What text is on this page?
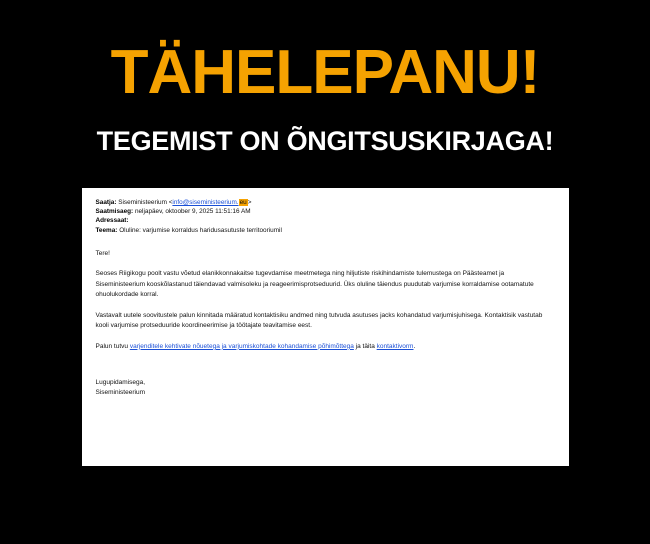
TÄHELEPANU!
TEGEMIST ON ÕNGITSUSKIRJAGA!
Saatja: Siseministeerium <info@siseministeerium.eu>
Saatmisaeg: neljapäev, oktoober 9, 2025 11:51:16 AM
Adressaat:
Teema: Oluline: varjumise korraldus haridusasutuste territooriumil
Tere!
Seoses Riigikogu poolt vastu võetud elanikkonnakaitse tugevdamise meetmetega ning hiljutiste riskihindamiste tulemustega on Päästeamet ja Siseministeerium kooskõlastanud täiendavad valmisoleku ja reageerimisprotseduurid. Üks oluline täiendus puudutab varjumise korraldamise ootamatute ohuolukordade korral.
Vastavalt uutele soovitustele palun kinnitada määratud kontaktisiku andmed ning tutvuda asutuses jacks kohandatud varjumisjuhisega. Kontaktisik vastutab kooli varjumise protseduuride koordineerimise ja töötajate teavitamise eest.
Palun tutvu varjenditele kehtivate nõuetega ja varjumiskohtade kohandamise põhimõttega ja täita kontaktivorm.
Lugupidamisega,
Siseministeerium
